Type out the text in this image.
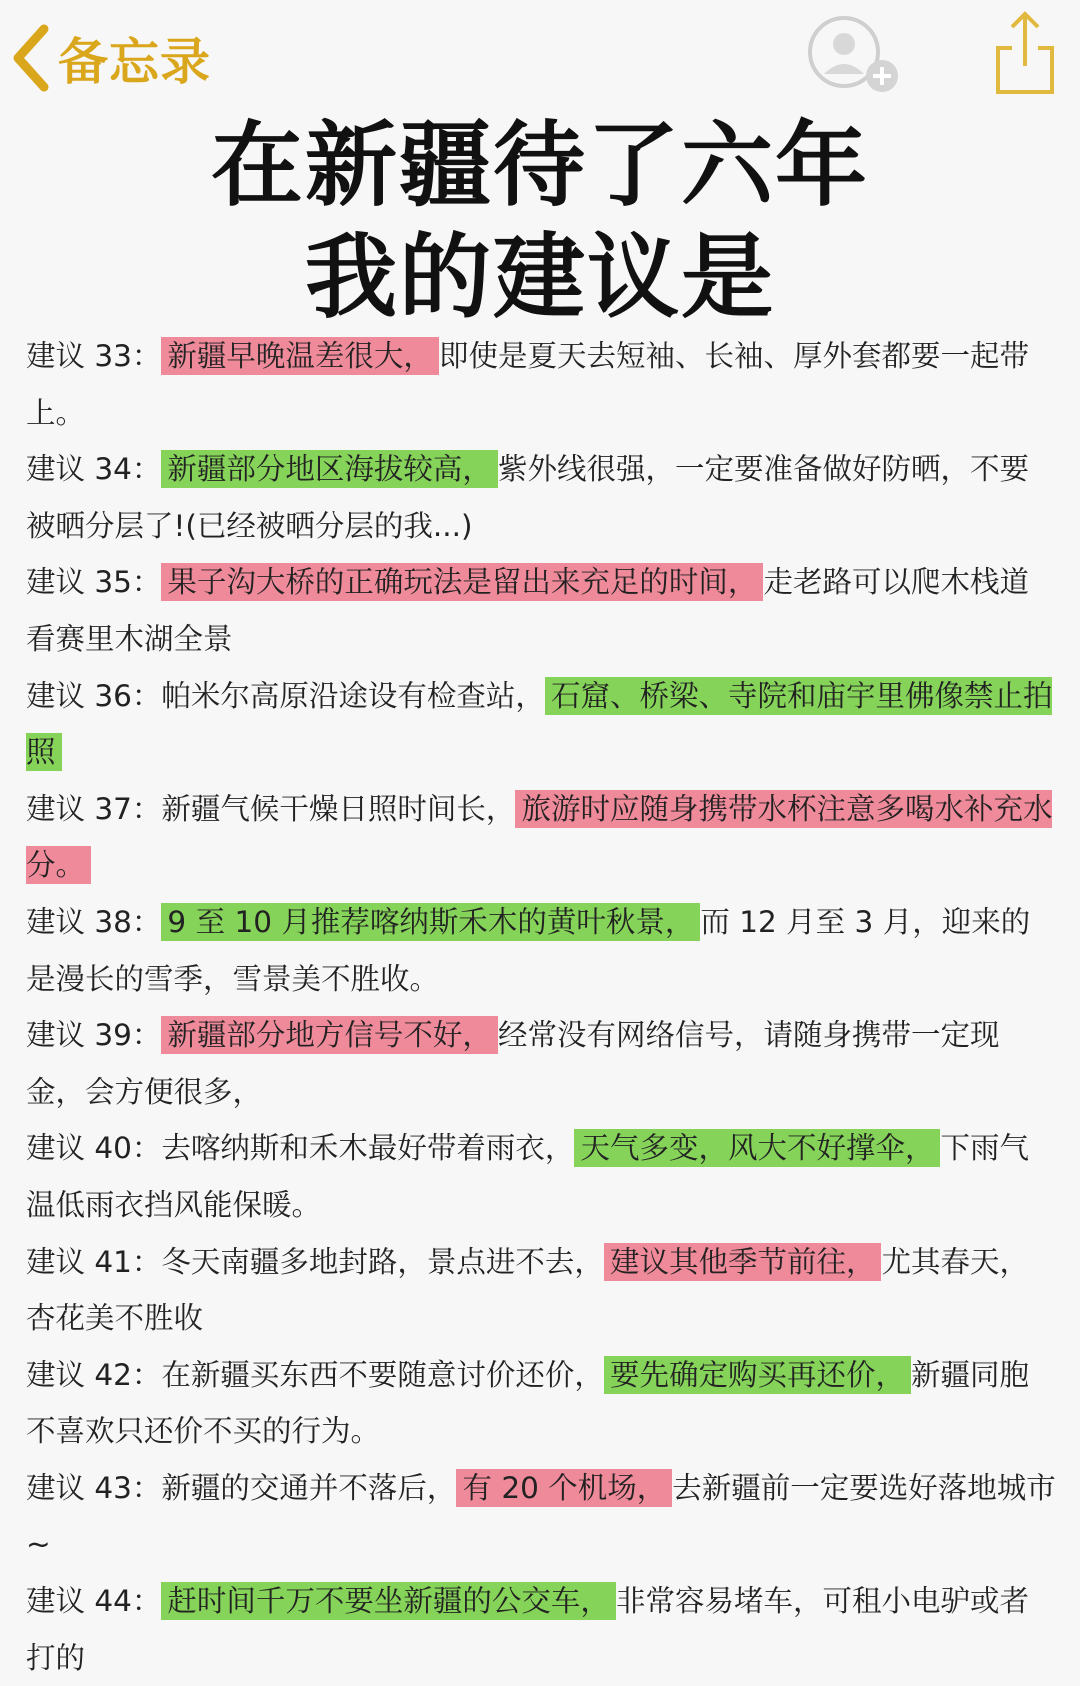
备忘录
在新疆待了六年
我的建议是

建议 33： 新疆早晚温差很大， 即使是夏天去短袖、长袖、厚外套都要一起带上。

建议 34： 新疆部分地区海拔较高， 紫外线很强，一定要准备做好防晒，不要被晒分层了!(已经被晒分层的我...)

建议 35： 果子沟大桥的正确玩法是留出来充足的时间， 走老路可以爬木栈道看赛里木湖全景

建议 36：帕米尔高原沿途设有检查站， 石窟、桥梁、寺院和庙宇里佛像禁止拍照

建议 37：新疆气候干燥日照时间长， 旅游时应随身携带水杯注意多喝水补充水分。

建议 38： 9 至 10 月推荐喀纳斯禾木的黄叶秋景， 而 12 月至 3 月，迎来的是漫长的雪季，雪景美不胜收。

建议 39： 新疆部分地方信号不好， 经常没有网络信号，请随身携带一定现金，会方便很多，

建议 40：去喀纳斯和禾木最好带着雨衣， 天气多变，风大不好撑伞， 下雨气温低雨衣挡风能保暖。

建议 41：冬天南疆多地封路，景点进不去， 建议其他季节前往， 尤其春天，杏花美不胜收

建议 42：在新疆买东西不要随意讨价还价， 要先确定购买再还价， 新疆同胞不喜欢只还价不买的行为。

建议 43：新疆的交通并不落后， 有 20 个机场， 去新疆前一定要选好落地城市~

建议 44： 赶时间千万不要坐新疆的公交车， 非常容易堵车，可租小电驴或者打的
